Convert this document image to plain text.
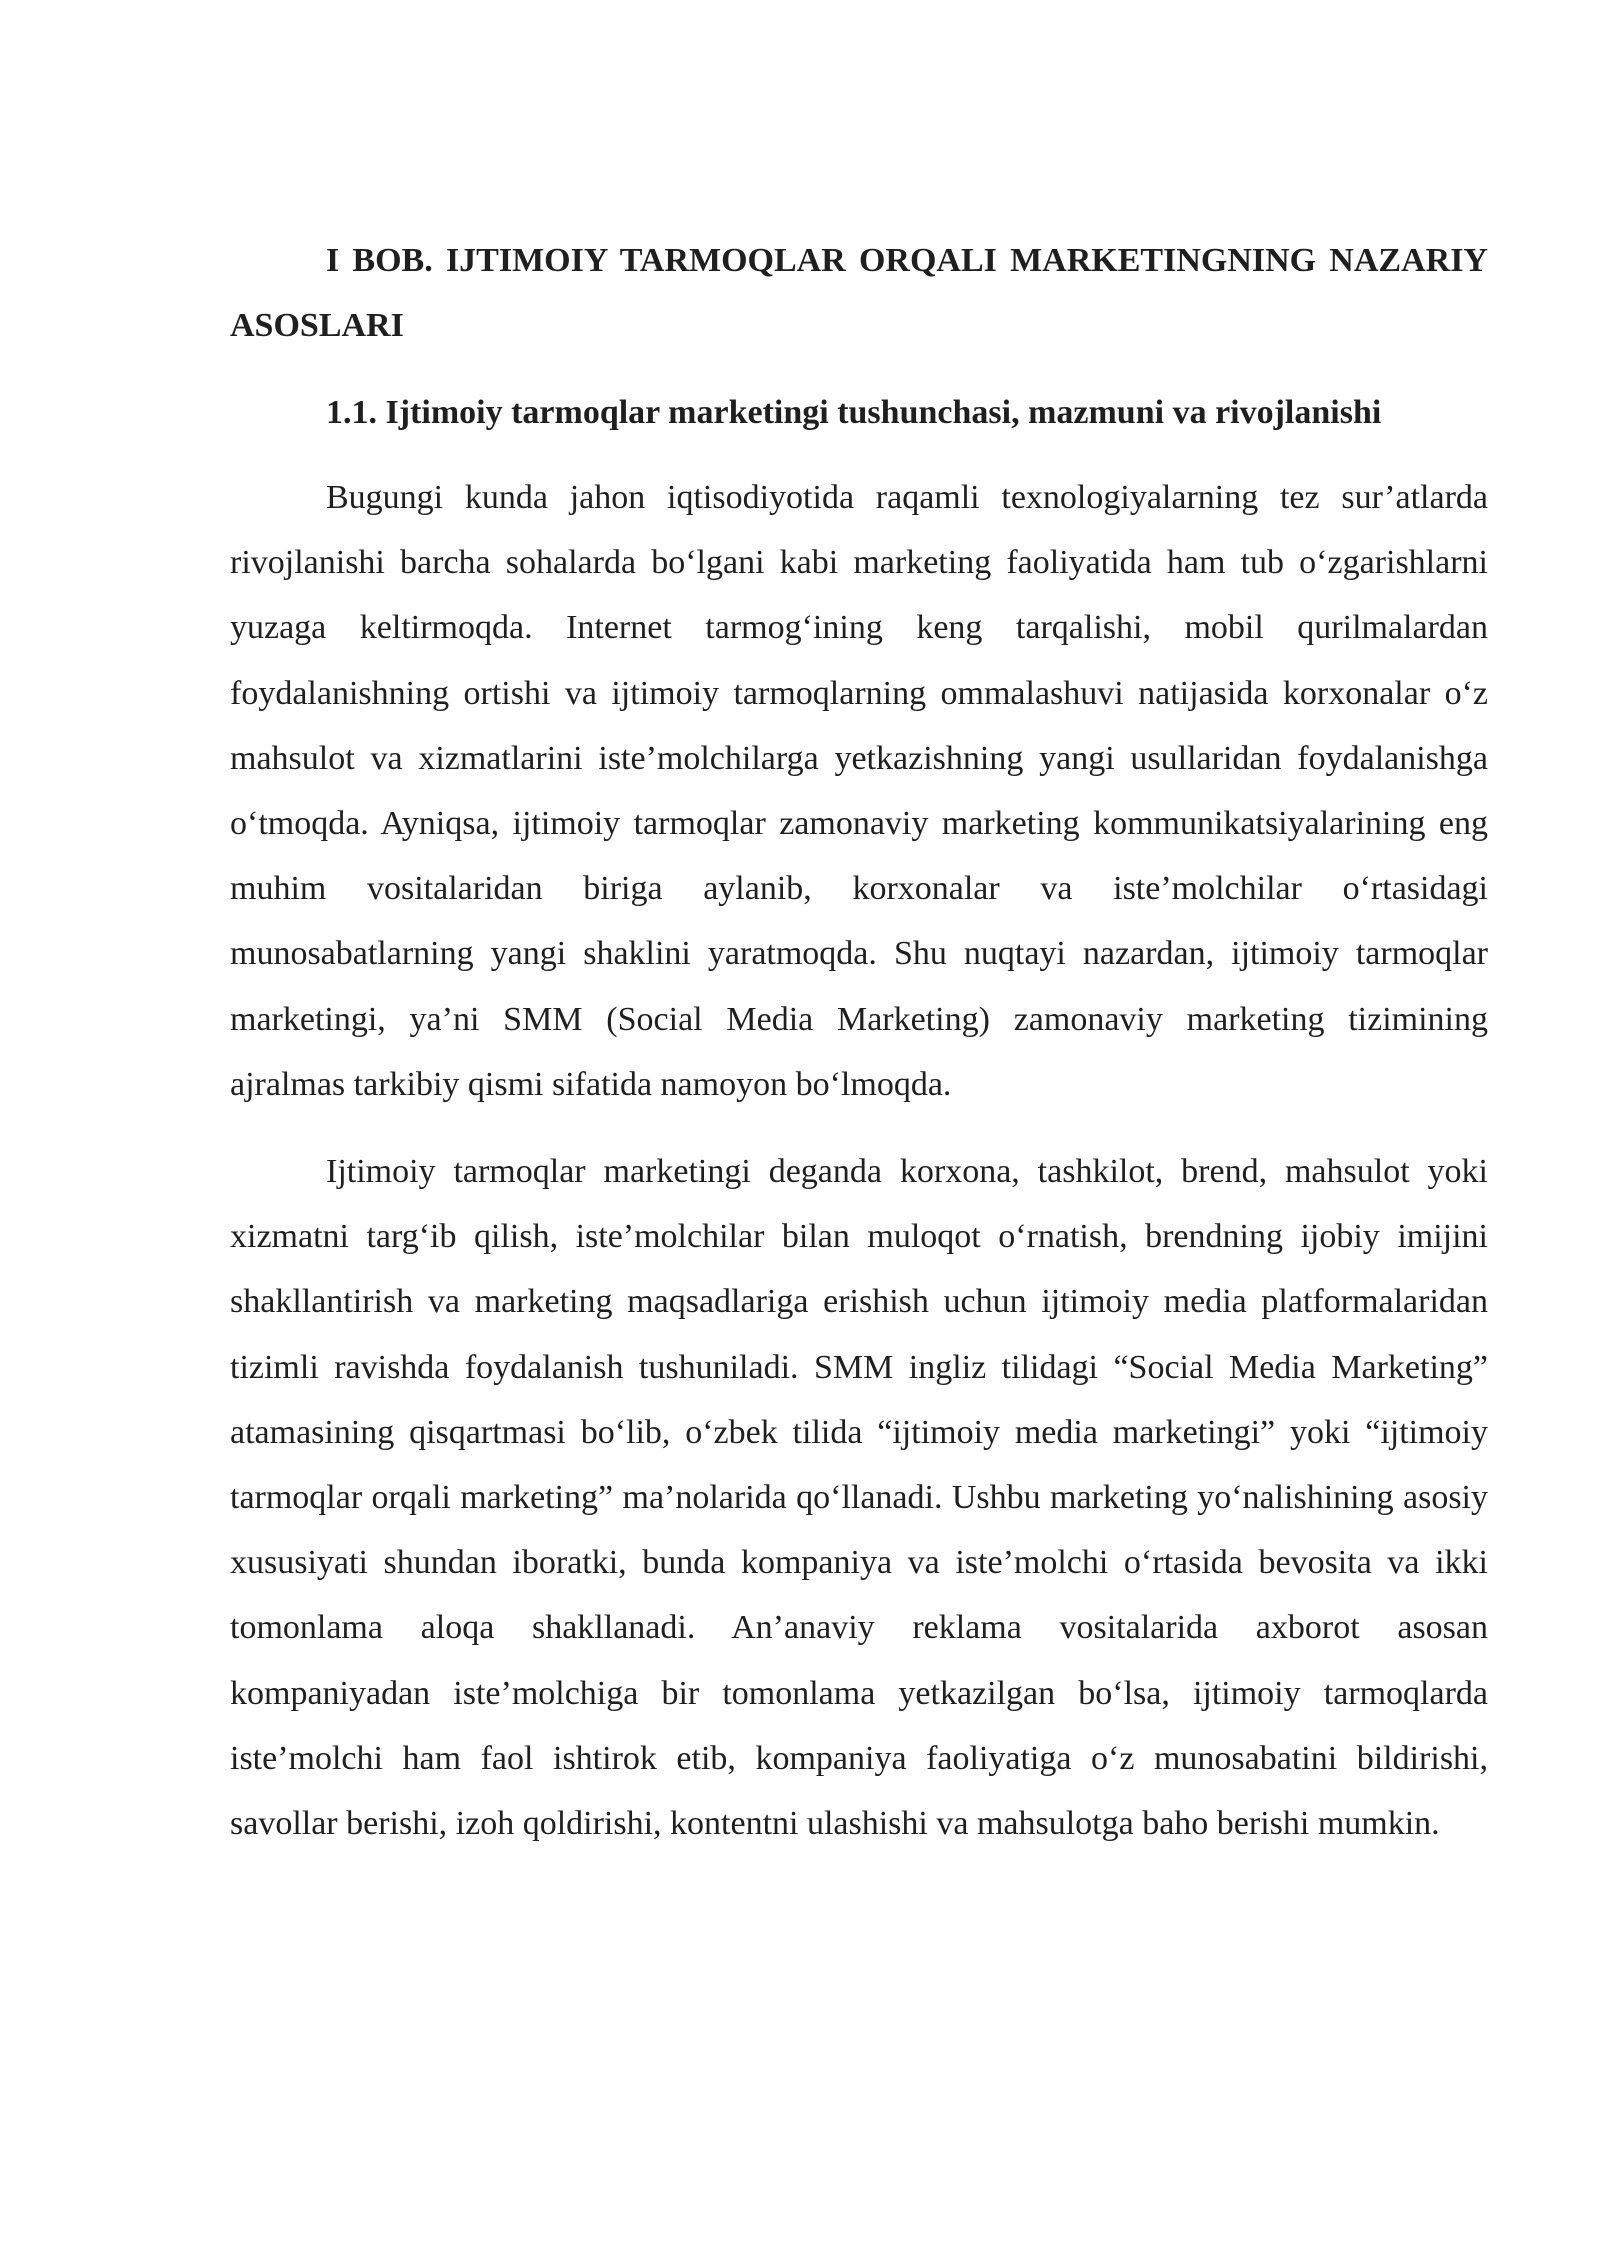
I BOB. IJTIMOIY TARMOQLAR ORQALI MARKETINGNING NAZARIY ASOSLARI
1.1. Ijtimoiy tarmoqlar marketingi tushunchasi, mazmuni va rivojlanishi

Bugungi kunda jahon iqtisodiyotida raqamli texnologiyalarning tez sur’atlarda rivojlanishi barcha sohalarda bo‘lgani kabi marketing faoliyatida ham tub o‘zgarishlarni yuzaga keltirmoqda. Internet tarmog‘ining keng tarqalishi, mobil qurilmalardan foydalanishning ortishi va ijtimoiy tarmoqlarning ommalashuvi natijasida korxonalar o‘z mahsulot va xizmatlarini iste’molchilarga yetkazishning yangi usullaridan foydalanishga o‘tmoqda. Ayniqsa, ijtimoiy tarmoqlar zamonaviy marketing kommunikatsiyalarining eng muhim vositalaridan biriga aylanib, korxonalar va iste’molchilar o‘rtasidagi munosabatlarning yangi shaklini yaratmoqda. Shu nuqtayi nazardan, ijtimoiy tarmoqlar marketingi, ya’ni SMM (Social Media Marketing) zamonaviy marketing tizimining ajralmas tarkibiy qismi sifatida namoyon bo‘lmoqda.

Ijtimoiy tarmoqlar marketingi deganda korxona, tashkilot, brend, mahsulot yoki xizmatni targ‘ib qilish, iste’molchilar bilan muloqot o‘rnatish, brendning ijobiy imijini shakllantirish va marketing maqsadlariga erishish uchun ijtimoiy media platformalaridan tizimli ravishda foydalanish tushuniladi. SMM ingliz tilidagi “Social Media Marketing” atamasining qisqartmasi bo‘lib, o‘zbek tilida “ijtimoiy media marketingi” yoki “ijtimoiy tarmoqlar orqali marketing” ma’nolarida qo‘llanadi. Ushbu marketing yo‘nalishining asosiy xususiyati shundan iboratki, bunda kompaniya va iste’molchi o‘rtasida bevosita va ikki tomonlama aloqa shakllanadi. An’anaviy reklama vositalarida axborot asosan kompaniyadan iste’molchiga bir tomonlama yetkazilgan bo‘lsa, ijtimoiy tarmoqlarda iste’molchi ham faol ishtirok etib, kompaniya faoliyatiga o‘z munosabatini bildirishi, savollar berishi, izoh qoldirishi, kontentni ulashishi va mahsulotga baho berishi mumkin.
